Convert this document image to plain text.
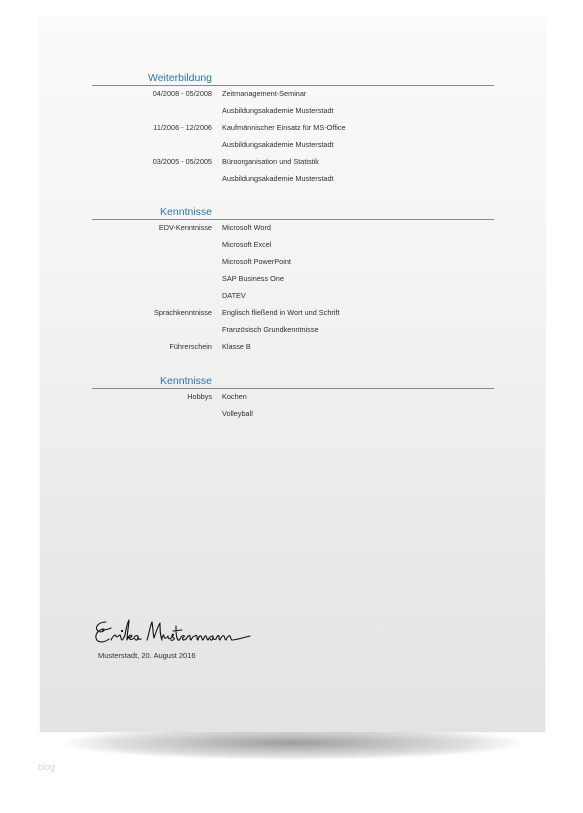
Weiterbildung
04/2008 - 05/2008 Zeitmanagement-Seminar
Ausbildungsakademie Musterstadt
11/2006 - 12/2006 Kaufmännischer Einsatz für MS-Office
Ausbildungsakademie Musterstadt
03/2005 - 05/2005 Büroorganisation und Statistik
Ausbildungsakademie Musterstadt
Kenntnisse
EDV-Kenntnisse Microsoft Word
Microsoft Excel
Microsoft PowerPoint
SAP Business One
DATEV
Sprachkenntnisse Englisch fließend in Wort und Schrift
Französisch Grundkenntnisse
Führerschein Klasse B
Kenntnisse
Hobbys Kochen
Volleyball
Musterstadt, 20. August 2016
blog
